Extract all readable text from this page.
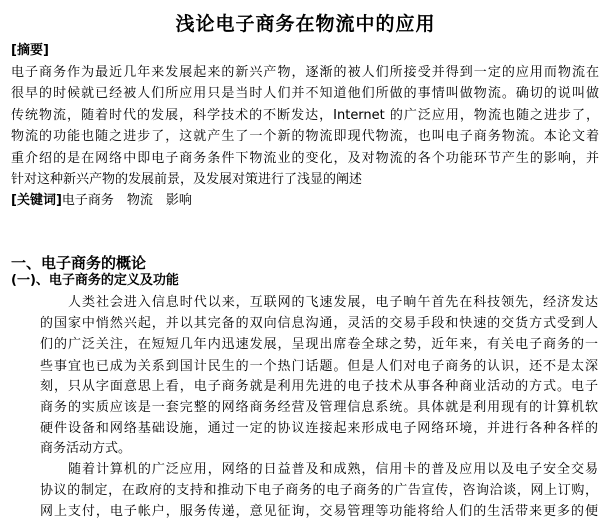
浅论电子商务在物流中的应用
[摘要]
电子商务作为最近几年来发展起来的新兴产物，逐渐的被人们所接受并得到一定的应用而物流在
很早的时候就已经被人们所应用只是当时人们并不知道他们所做的事情叫做物流。确切的说叫做
传统物流，随着时代的发展，科学技术的不断发达，Internet 的广泛应用，物流也随之进步了，
物流的功能也随之进步了，这就产生了一个新的物流即现代物流，也叫电子商务物流。本论文着
重介绍的是在网络中即电子商务条件下物流业的变化，及对物流的各个功能环节产生的影响，并
针对这种新兴产物的发展前景，及发展对策进行了浅显的阐述
[关键词]电子商务　物流　影响
一、电子商务的概论
(一)、电子商务的定义及功能
人类社会进入信息时代以来，互联网的飞速发展，电子晌午首先在科技领先，经济发达
的国家中悄然兴起，并以其完备的双向信息沟通，灵活的交易手段和快速的交货方式受到人
们的广泛关注，在短短几年内迅速发展，呈现出席卷全球之势，近年来，有关电子商务的一
些事宜也已成为关系到国计民生的一个热门话题。但是人们对电子商务的认识，还不是太深
刻，只从字面意思上看，电子商务就是利用先进的电子技术从事各种商业活动的方式。电子
商务的实质应该是一套完整的网络商务经营及管理信息系统。具体就是利用现有的计算机软
硬件设备和网络基础设施，通过一定的协议连接起来形成电子网络环境，并进行各种各样的
商务活动方式。
随着计算机的广泛应用，网络的日益普及和成熟，信用卡的普及应用以及电子安全交易
协议的制定，在政府的支持和推动下电子商务的电子商务的广告宣传，咨询洽谈，网上订购，
网上支付，电子帐户，服务传递，意见征询，交易管理等功能将给人们的生活带来更多的便
